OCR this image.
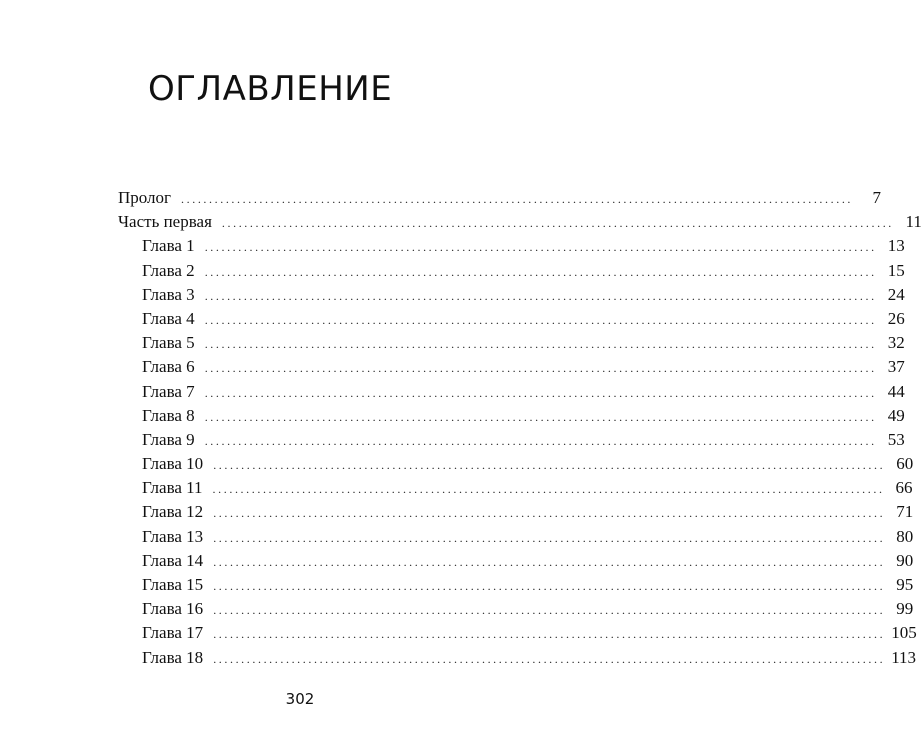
ОГЛАВЛЕНИЕ
Пролог ........................................................................................................................	7
Часть первая ........................................................................................................................ 11
Глава 1 ........................................................................................................................ 13
Глава 2 ........................................................................................................................ 15
Глава 3 ........................................................................................................................ 24
Глава 4 ........................................................................................................................ 26
Глава 5 ........................................................................................................................ 32
Глава 6 ........................................................................................................................ 37
Глава 7 ........................................................................................................................ 44
Глава 8 ........................................................................................................................ 49
Глава 9 ........................................................................................................................ 53
Глава 10 ........................................................................................................................ 60
Глава 11 ........................................................................................................................ 66
Глава 12 ........................................................................................................................ 71
Глава 13 ........................................................................................................................ 80
Глава 14 ........................................................................................................................ 90
Глава 15 ........................................................................................................................ 95
Глава 16 ........................................................................................................................ 99
Глава 17 ........................................................................................................................ 105
Глава 18 ........................................................................................................................ 113

302
